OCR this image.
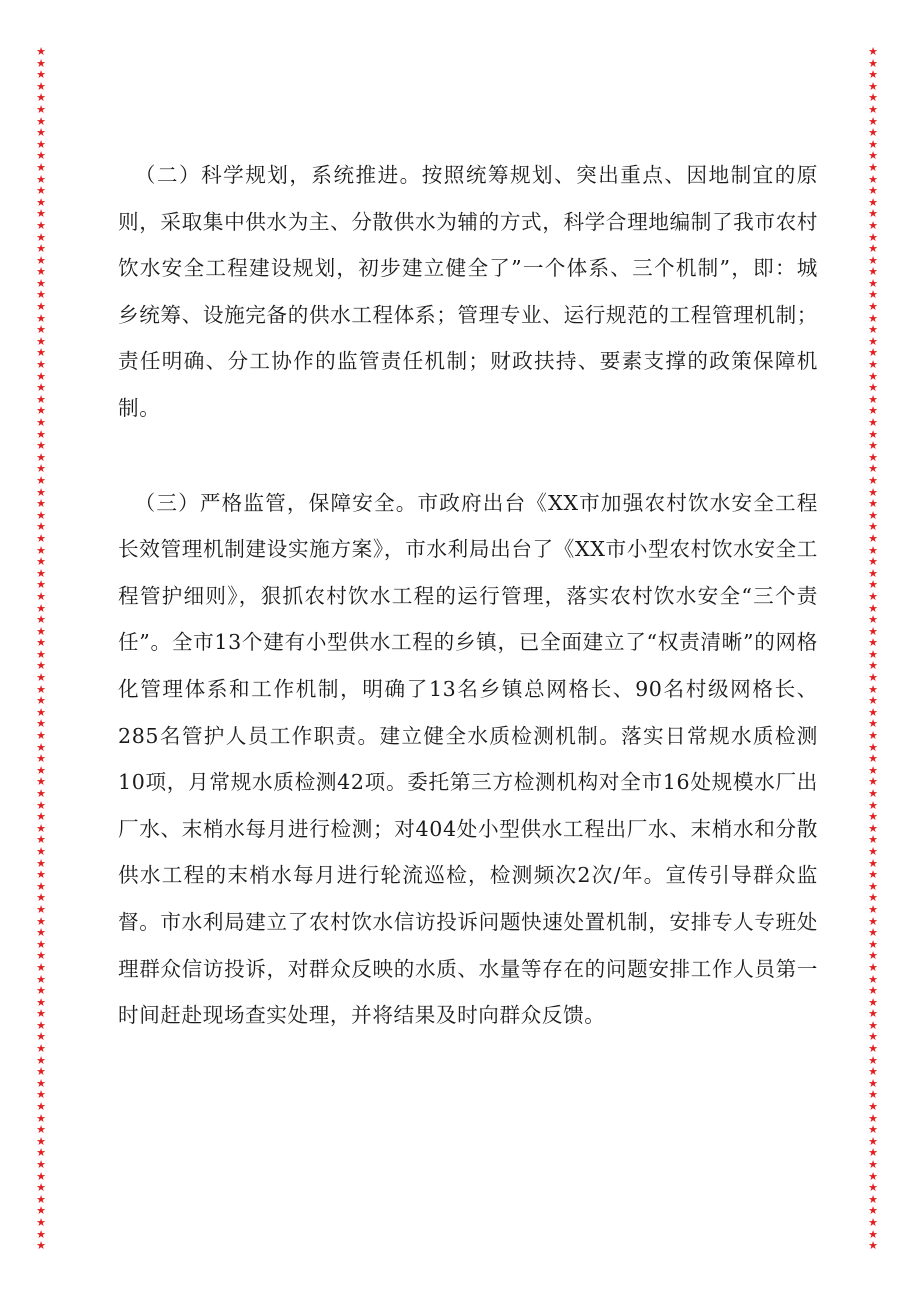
★
★
★
★
★
★
★
★
★
★
★
★
★
★
★
★
★
★
★
★
★
★
★
★
★
★
★
★
★
★
★
★
★
★
★
★
★
★
★
★
★
★
★
★
★
★
★
★
★
★
★
★
★
★
★
★
★
★
★
★
★
★
★
★
★
★
★
★
★
★
★
★
★
★
★
★
★
★
★
★
★
★
★
★
★
★
★
★
★
★
★
★
★
★
★
★
★
★
★
★
★
★
★
★
★
★
★
★
★
★
★
★
★
★
★
★
★
★
★
★
★
★
★
★
★
★
★
★
★
★
★
★
★
★
★
★
★
★
★
★
★
★
★
★
★
★
★
★
★
★
★
★
★
★
★
★
★
★
★
★
★
★
★
★
★
★
★
★
★
★
★
★
★
★
★
★
★
★
★
★
★
★
★
★
★
★
★
★
★
★
★
★
★
★
★
★
★
★
★
★
★
★
★
★
★
★
★
★

（二）科学规划，系统推进。按照统筹规划、突出重点、因地制宜的原则，采取集中供水为主、分散供水为辅的方式，科学合理地编制了我市农村饮水安全工程建设规划，初步建立健全了”一个体系、三个机制”，即：城乡统筹、设施完备的供水工程体系；管理专业、运行规范的工程管理机制；责任明确、分工协作的监管责任机制；财政扶持、要素支撑的政策保障机制。

（三）严格监管，保障安全。市政府出台《XX市加强农村饮水安全工程长效管理机制建设实施方案》，市水利局出台了《XX市小型农村饮水安全工程管护细则》，狠抓农村饮水工程的运行管理，落实农村饮水安全“三个责任”。全市13个建有小型供水工程的乡镇，已全面建立了“权责清晰”的网格化管理体系和工作机制，明确了13名乡镇总网格长、90名村级网格长、285名管护人员工作职责。建立健全水质检测机制。落实日常规水质检测10项，月常规水质检测42项。委托第三方检测机构对全市16处规模水厂出厂水、末梢水每月进行检测；对404处小型供水工程出厂水、末梢水和分散供水工程的末梢水每月进行轮流巡检，检测频次2次/年。宣传引导群众监督。市水利局建立了农村饮水信访投诉问题快速处置机制，安排专人专班处理群众信访投诉，对群众反映的水质、水量等存在的问题安排工作人员第一时间赶赴现场查实处理，并将结果及时向群众反馈。
